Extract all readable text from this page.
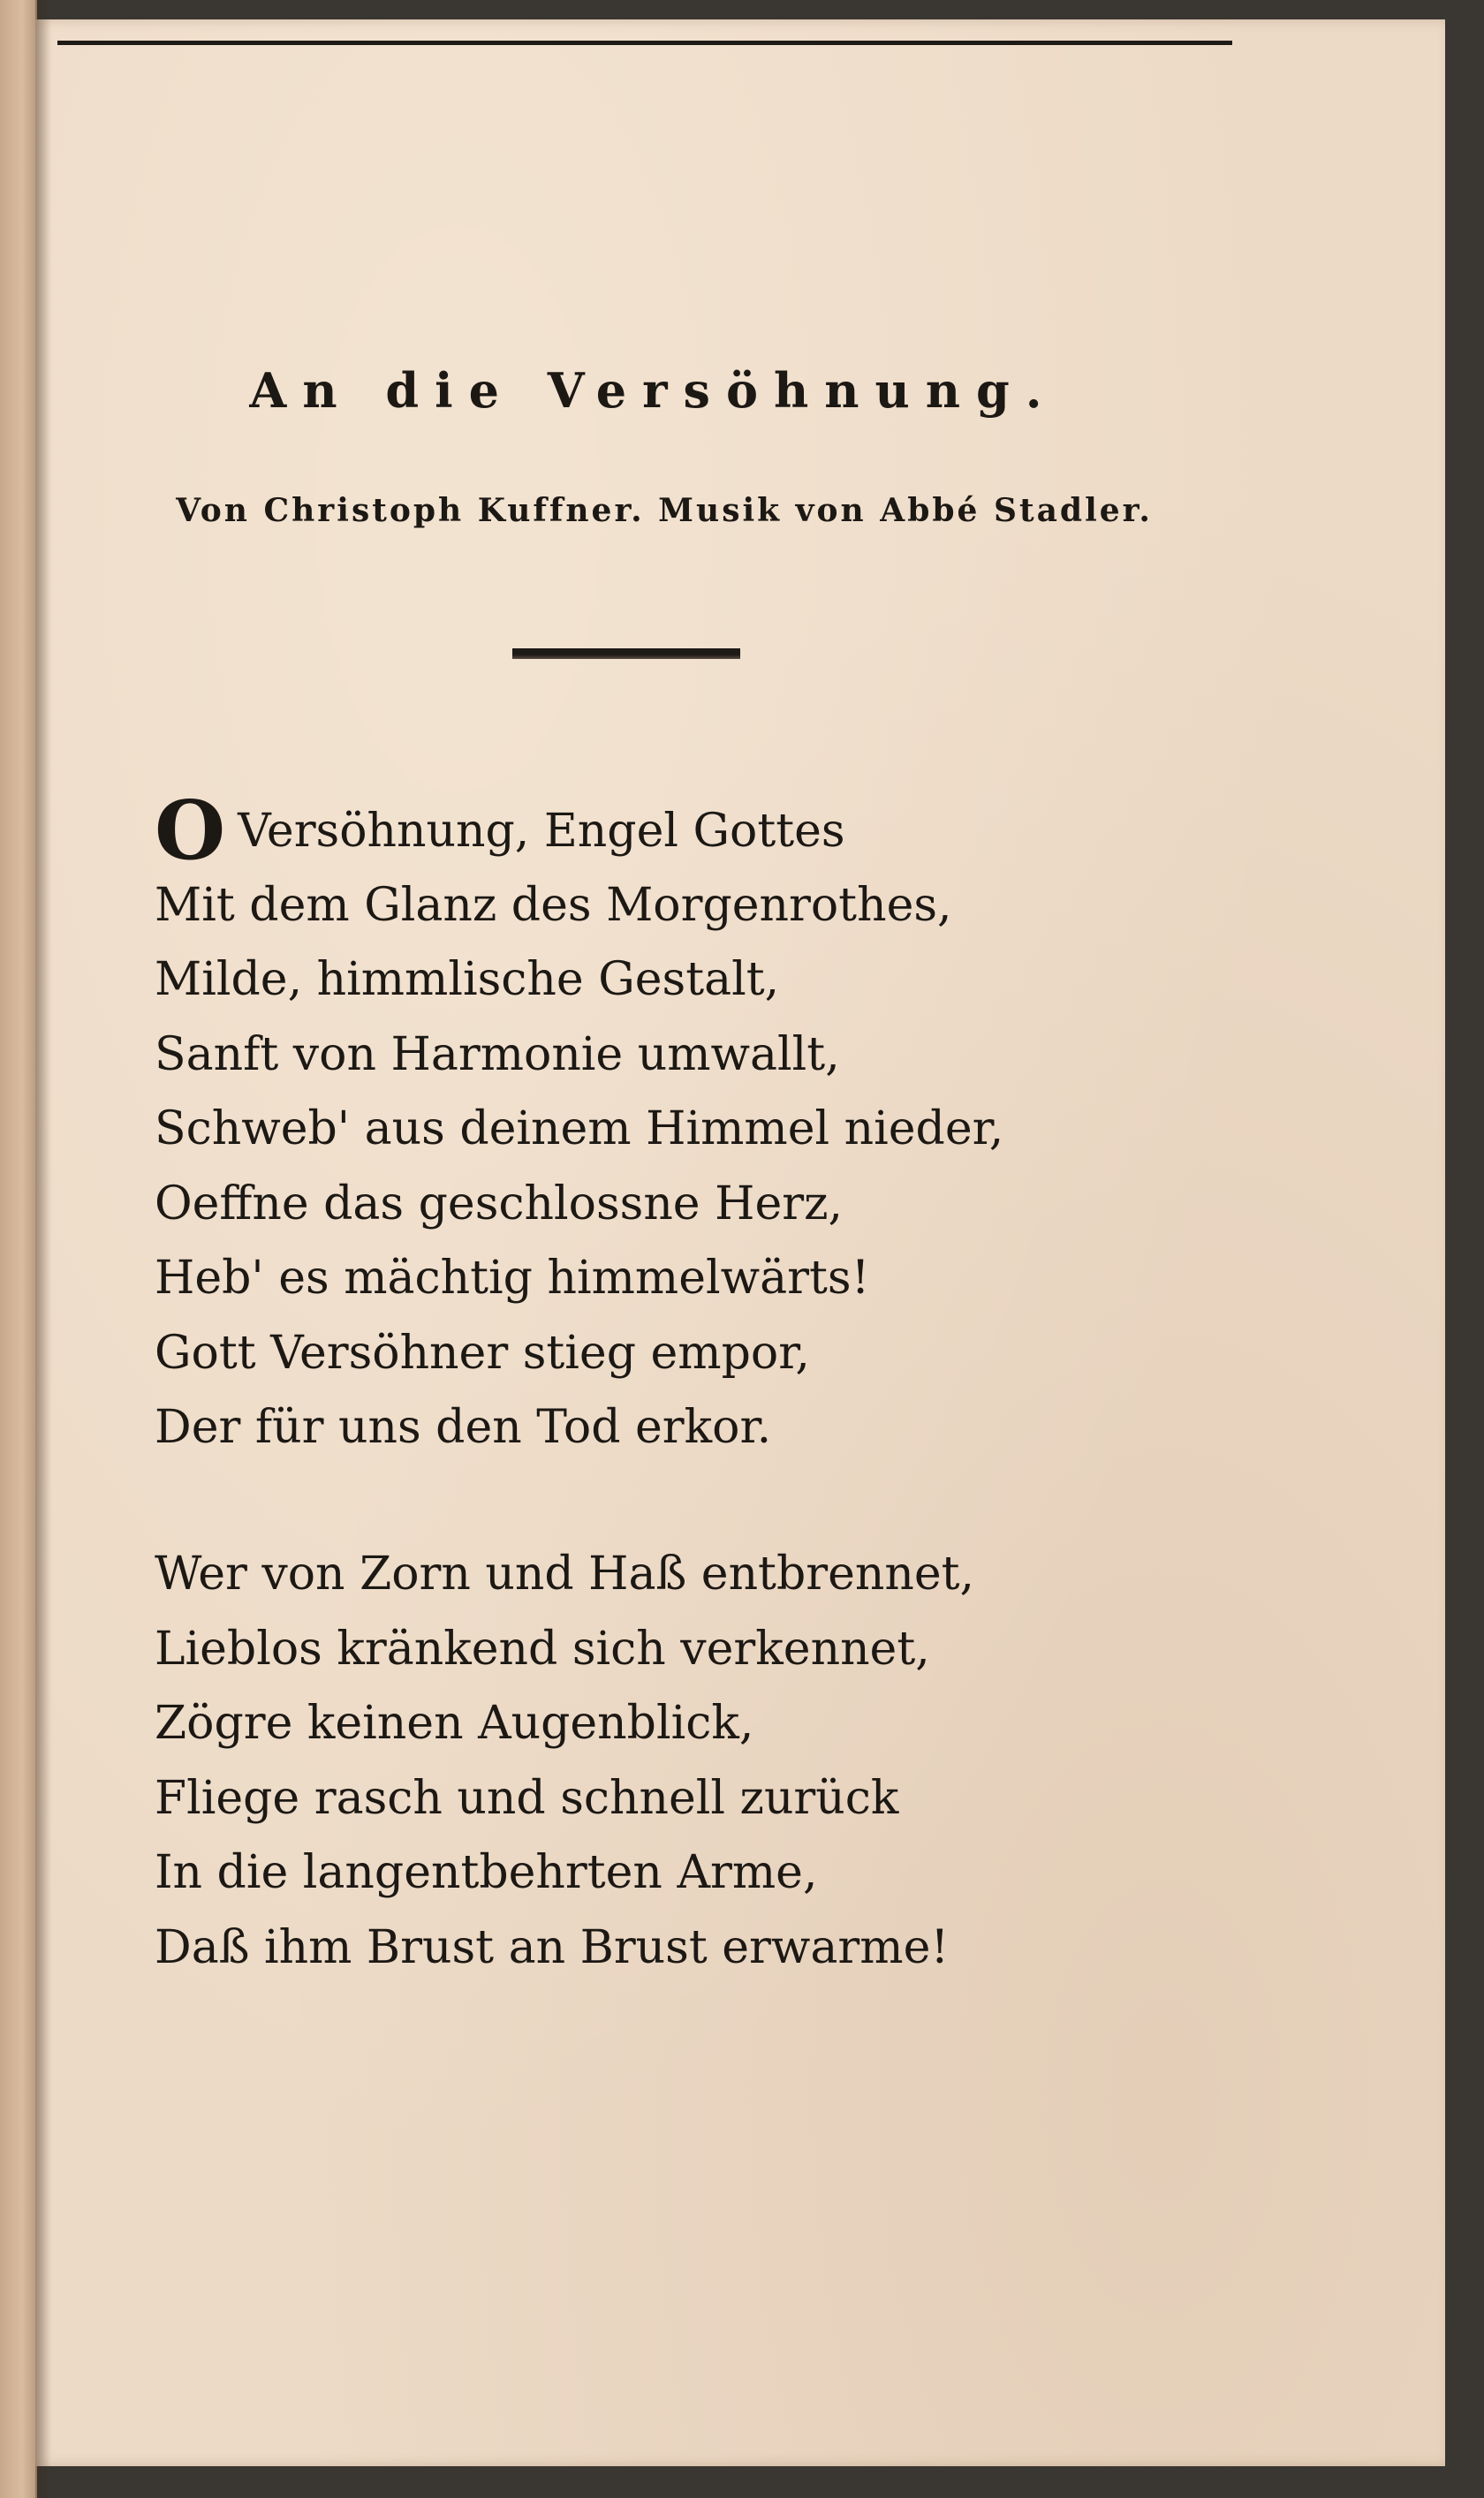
An die Versöhnung.

Von Christoph Kuffner. Musik von Abbé Stadler.

O Versöhnung, Engel Gottes
Mit dem Glanz des Morgenrothes,
Milde, himmlische Gestalt,
Sanft von Harmonie umwallt,
Schweb' aus deinem Himmel nieder,
Oeffne das geschlossne Herz,
Heb' es mächtig himmelwärts!
Gott Versöhner stieg empor,
Der für uns den Tod erkor.
Wer von Zorn und Haß entbrennet,
Lieblos kränkend sich verkennet,
Zögre keinen Augenblick,
Fliege rasch und schnell zurück
In die langentbehrten Arme,
Daß ihm Brust an Brust erwarme!
